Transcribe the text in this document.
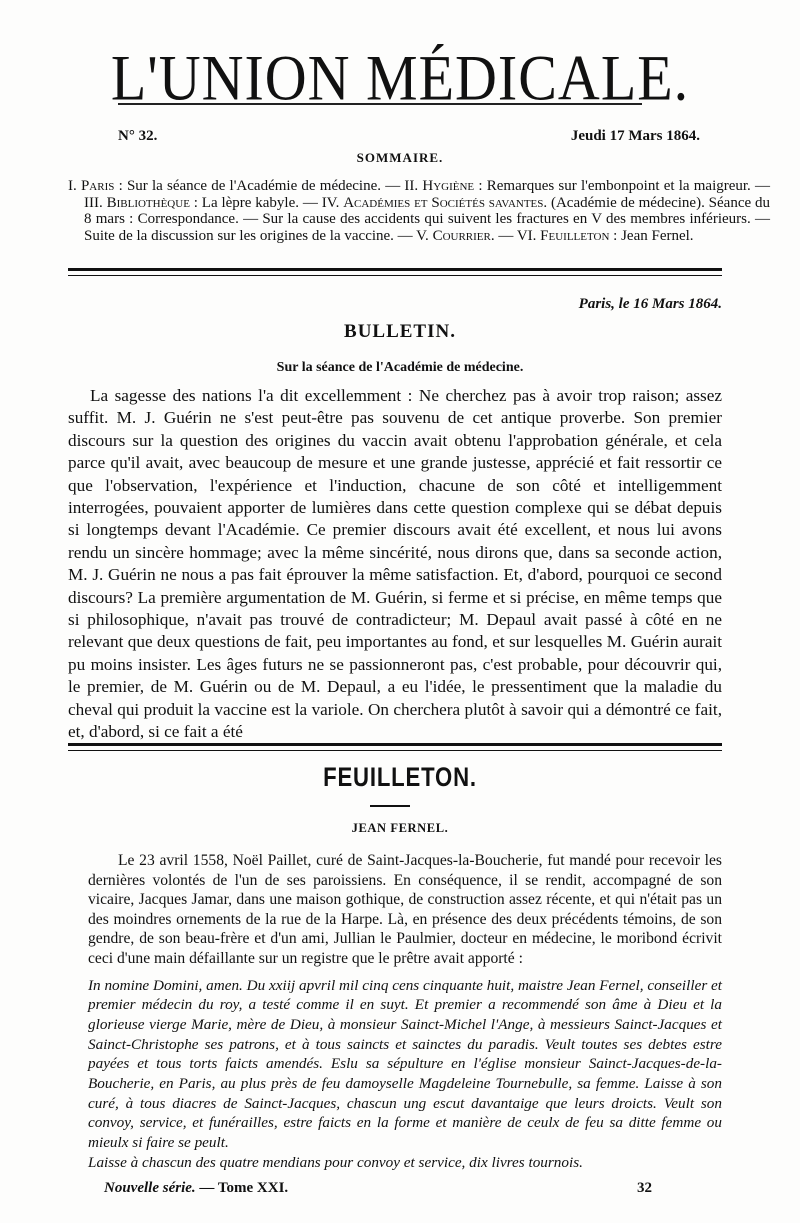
L'UNION MÉDICALE.
N° 32.	Jeudi 17 Mars 1864.
SOMMAIRE.
I. Paris : Sur la séance de l'Académie de médecine. — II. Hygiène : Remarques sur l'embonpoint et la maigreur. — III. Bibliothèque : La lèpre kabyle. — IV. Académies et Sociétés savantes. (Académie de médecine). Séance du 8 mars : Correspondance. — Sur la cause des accidents qui suivent les fractures en V des membres inférieurs. — Suite de la discussion sur les origines de la vaccine. — V. Courrier. — VI. Feuilleton : Jean Fernel.
Paris, le 16 Mars 1864.
BULLETIN.
Sur la séance de l'Académie de médecine.

La sagesse des nations l'a dit excellemment : Ne cherchez pas à avoir trop raison; assez suffit. M. J. Guérin ne s'est peut-être pas souvenu de cet antique proverbe. Son premier discours sur la question des origines du vaccin avait obtenu l'approbation générale, et cela parce qu'il avait, avec beaucoup de mesure et une grande justesse, apprécié et fait ressortir ce que l'observation, l'expérience et l'induction, chacune de son côté et intelligemment interrogées, pouvaient apporter de lumières dans cette question complexe qui se débat depuis si longtemps devant l'Académie. Ce premier discours avait été excellent, et nous lui avons rendu un sincère hommage; avec la même sincérité, nous dirons que, dans sa seconde action, M. J. Guérin ne nous a pas fait éprouver la même satisfaction. Et, d'abord, pourquoi ce second discours? La première argumentation de M. Guérin, si ferme et si précise, en même temps que si philosophique, n'avait pas trouvé de contradicteur; M. Depaul avait passé à côté en ne relevant que deux questions de fait, peu importantes au fond, et sur lesquelles M. Guérin aurait pu moins insister. Les âges futurs ne se passionneront pas, c'est probable, pour découvrir qui, le premier, de M. Guérin ou de M. Depaul, a eu l'idée, le pressentiment que la maladie du cheval qui produit la vaccine est la variole. On cherchera plutôt à savoir qui a démontré ce fait, et, d'abord, si ce fait a été

FEUILLETON.
JEAN FERNEL.

Le 23 avril 1558, Noël Paillet, curé de Saint-Jacques-la-Boucherie, fut mandé pour recevoir les dernières volontés de l'un de ses paroissiens. En conséquence, il se rendit, accompagné de son vicaire, Jacques Jamar, dans une maison gothique, de construction assez récente, et qui n'était pas un des moindres ornements de la rue de la Harpe. Là, en présence des deux précédents témoins, de son gendre, de son beau-frère et d'un ami, Jullian le Paulmier, docteur en médecine, le moribond écrivit ceci d'une main défaillante sur un registre que le prêtre avait apporté :

In nomine Domini, amen. Du xxiij apvril mil cinq cens cinquante huit, maistre Jean Fernel, conseiller et premier médecin du roy, a testé comme il en suyt. Et premier a recommendé son âme à Dieu et la glorieuse vierge Marie, mère de Dieu, à monsieur Sainct-Michel l'Ange, à messieurs Sainct-Jacques et Sainct-Christophe ses patrons, et à tous saincts et sainctes du paradis. Veult toutes ses debtes estre payées et tous torts faicts amendés. Eslu sa sépulture en l'église monsieur Sainct-Jacques-de-la-Boucherie, en Paris, au plus près de feu damoyselle Magdeleine Tournebulle, sa femme. Laisse à son curé, à tous diacres de Sainct-Jacques, chascun ung escut davantaige que leurs droicts. Veult son convoy, service, et funérailles, estre faicts en la forme et manière de ceulx de feu sa ditte femme ou mieulx si faire se peult.

Laisse à chascun des quatre mendians pour convoy et service, dix livres tournois.

Nouvelle série. — Tome XXI.	32
